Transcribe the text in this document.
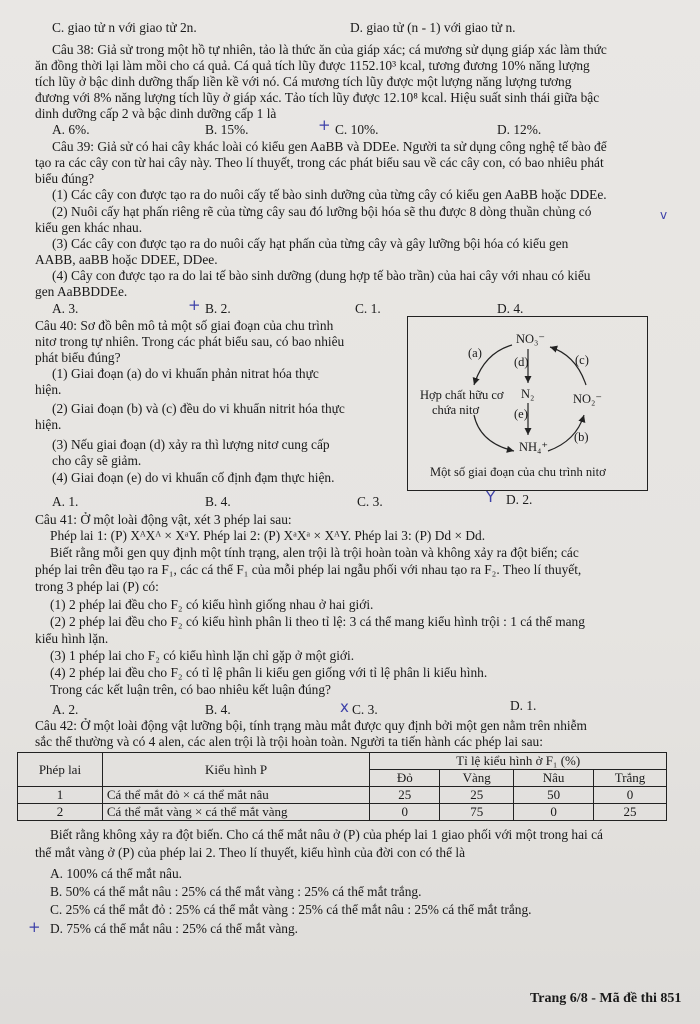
C. giao tử n với giao tử 2n.	D. giao tử (n - 1) với giao tử n.
Câu 38: Giả sử trong một hồ tự nhiên, tảo là thức ăn của giáp xác; cá mương sử dụng giáp xác làm thức
ăn đồng thời lại làm mồi cho cá quả. Cá quả tích lũy được 1152.10³ kcal, tương đương 10% năng lượng
tích lũy ở bậc dinh dưỡng thấp liền kề với nó. Cá mương tích lũy được một lượng năng lượng tương
đương với 8% năng lượng tích lũy ở giáp xác. Tảo tích lũy được 12.10⁸ kcal. Hiệu suất sinh thái giữa bậc
dinh dưỡng cấp 2 và bậc dinh dưỡng cấp 1 là
A. 6%.	B. 15%.	C. 10%.	D. 12%.
Câu 39: Giả sử có hai cây khác loài có kiểu gen AaBB và DDEe. Người ta sử dụng công nghệ tế bào để
tạo ra các cây con từ hai cây này. Theo lí thuyết, trong các phát biểu sau về các cây con, có bao nhiêu phát
biểu đúng?
(1) Các cây con được tạo ra do nuôi cấy tế bào sinh dưỡng của từng cây có kiểu gen AaBB hoặc DDEe.
(2) Nuôi cấy hạt phấn riêng rẽ của từng cây sau đó lưỡng bội hóa sẽ thu được 8 dòng thuần chủng có
kiểu gen khác nhau.
(3) Các cây con được tạo ra do nuôi cấy hạt phấn của từng cây và gây lưỡng bội hóa có kiểu gen
AABB, aaBB hoặc DDEE, DDee.
(4) Cây con được tạo ra do lai tế bào sinh dưỡng (dung hợp tế bào trần) của hai cây với nhau có kiểu
gen AaBBDDEe.
A. 3.	B. 2.	C. 1.	D. 4.
Câu 40: Sơ đồ bên mô tả một số giai đoạn của chu trình
nitơ trong tự nhiên. Trong các phát biểu sau, có bao nhiêu
phát biểu đúng?
(1) Giai đoạn (a) do vi khuẩn phản nitrat hóa thực
hiện.
(2) Giai đoạn (b) và (c) đều do vi khuẩn nitrit hóa thực
hiện.
(3) Nếu giai đoạn (d) xảy ra thì lượng nitơ cung cấp
cho cây sẽ giảm.
(4) Giai đoạn (e) do vi khuẩn cố định đạm thực hiện.
A. 1.	B. 4.	C. 3.	D. 2.
NO₃⁻
N₂	NO₂⁻
NH₄⁺
Hợp chất hữu cơ
chứa nitơ
(a)
(d)	(c)
(e)
(b)
Một số giai đoạn của chu trình nitơ
Câu 41: Ở một loài động vật, xét 3 phép lai sau:
Phép lai 1: (P) XᴬXᴬ × XᵃY. Phép lai 2: (P) XᵃXᵃ × XᴬY. Phép lai 3: (P) Dd × Dd.
Biết rằng mỗi gen quy định một tính trạng, alen trội là trội hoàn toàn và không xảy ra đột biến; các
phép lai trên đều tạo ra F₁, các cá thể F₁ của mỗi phép lai ngẫu phối với nhau tạo ra F₂. Theo lí thuyết,
trong 3 phép lai (P) có:
(1) 2 phép lai đều cho F₂ có kiểu hình giống nhau ở hai giới.
(2) 2 phép lai đều cho F₂ có kiểu hình phân li theo tỉ lệ: 3 cá thể mang kiểu hình trội : 1 cá thể mang
kiểu hình lặn.
(3) 1 phép lai cho F₂ có kiểu hình lặn chỉ gặp ở một giới.
(4) 2 phép lai đều cho F₂ có tỉ lệ phân li kiểu gen giống với tỉ lệ phân li kiểu hình.
Trong các kết luận trên, có bao nhiêu kết luận đúng?
A. 2.	B. 4.	C. 3.	D. 1.
Câu 42: Ở một loài động vật lưỡng bội, tính trạng màu mắt được quy định bởi một gen nằm trên nhiễm
sắc thể thường và có 4 alen, các alen trội là trội hoàn toàn. Người ta tiến hành các phép lai sau:
Phép lai	Kiểu hình P	Tỉ lệ kiểu hình ở F₁ (%)			
		Đỏ	Vàng	Nâu	Trắng
1	Cá thể mắt đỏ × cá thể mắt nâu	25	25	50	0
2	Cá thể mắt vàng × cá thể mắt vàng	0	75	0	25
Biết rằng không xảy ra đột biến. Cho cá thể mắt nâu ở (P) của phép lai 1 giao phối với một trong hai cá
thể mắt vàng ở (P) của phép lai 2. Theo lí thuyết, kiểu hình của đời con có thể là
A. 100% cá thể mắt nâu.
B. 50% cá thể mắt nâu : 25% cá thể mắt vàng : 25% cá thể mắt trắng.
C. 25% cá thể mắt đỏ : 25% cá thể mắt vàng : 25% cá thể mắt nâu : 25% cá thể mắt trắng.
D. 75% cá thể mắt nâu : 25% cá thể mắt vàng.
+
+
Y
x
+
v
Trang 6/8 - Mã đề thi 851
